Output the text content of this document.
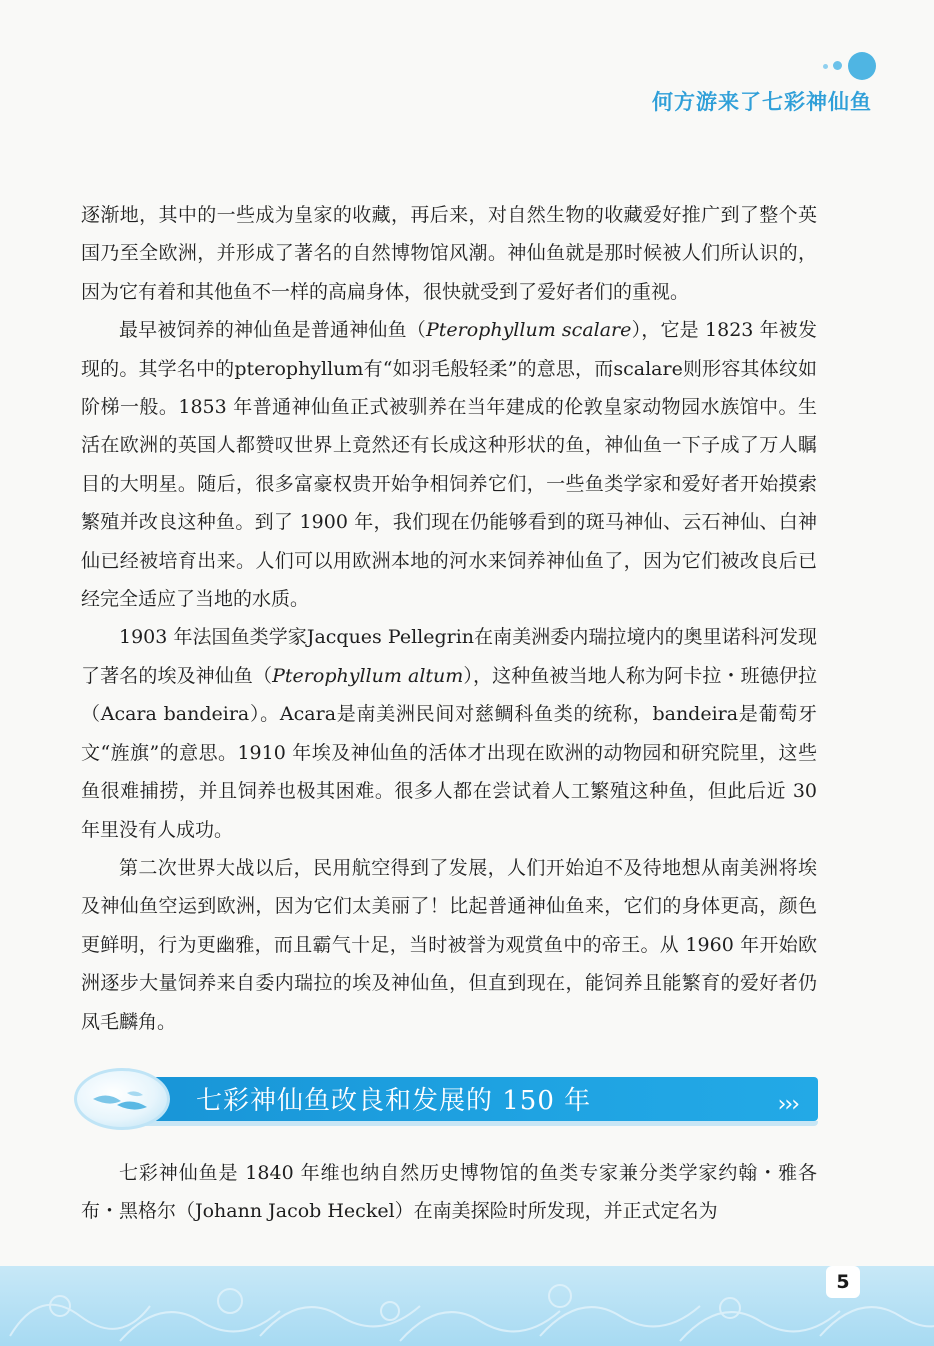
何方游来了七彩神仙鱼

逐渐地，其中的一些成为皇家的收藏，再后来，对自然生物的收藏爱好推广到了整个英国乃至全欧洲，并形成了著名的自然博物馆风潮。神仙鱼就是那时候被人们所认识的，因为它有着和其他鱼不一样的高扁身体，很快就受到了爱好者们的重视。

最早被饲养的神仙鱼是普通神仙鱼（Pterophyllum scalare），它是 1823 年被发现的。其学名中的pterophyllum有“如羽毛般轻柔”的意思，而scalare则形容其体纹如阶梯一般。1853 年普通神仙鱼正式被驯养在当年建成的伦敦皇家动物园水族馆中。生活在欧洲的英国人都赞叹世界上竟然还有长成这种形状的鱼，神仙鱼一下子成了万人瞩目的大明星。随后，很多富豪权贵开始争相饲养它们，一些鱼类学家和爱好者开始摸索繁殖并改良这种鱼。到了 1900 年，我们现在仍能够看到的斑马神仙、云石神仙、白神仙已经被培育出来。人们可以用欧洲本地的河水来饲养神仙鱼了，因为它们被改良后已经完全适应了当地的水质。

1903 年法国鱼类学家Jacques Pellegrin在南美洲委内瑞拉境内的奥里诺科河发现了著名的埃及神仙鱼（Pterophyllum altum），这种鱼被当地人称为阿卡拉・班德伊拉（Acara bandeira）。Acara是南美洲民间对慈鲷科鱼类的统称，bandeira是葡萄牙文“旌旗”的意思。1910 年埃及神仙鱼的活体才出现在欧洲的动物园和研究院里，这些鱼很难捕捞，并且饲养也极其困难。很多人都在尝试着人工繁殖这种鱼，但此后近 30 年里没有人成功。

第二次世界大战以后，民用航空得到了发展，人们开始迫不及待地想从南美洲将埃及神仙鱼空运到欧洲，因为它们太美丽了！比起普通神仙鱼来，它们的身体更高，颜色更鲜明，行为更幽雅，而且霸气十足，当时被誉为观赏鱼中的帝王。从 1960 年开始欧洲逐步大量饲养来自委内瑞拉的埃及神仙鱼，但直到现在，能饲养且能繁育的爱好者仍凤毛麟角。

›››
七彩神仙鱼改良和发展的 150 年

七彩神仙鱼是 1840 年维也纳自然历史博物馆的鱼类专家兼分类学家约翰・雅各布・黑格尔（Johann Jacob Heckel）在南美探险时所发现，并正式定名为

5
